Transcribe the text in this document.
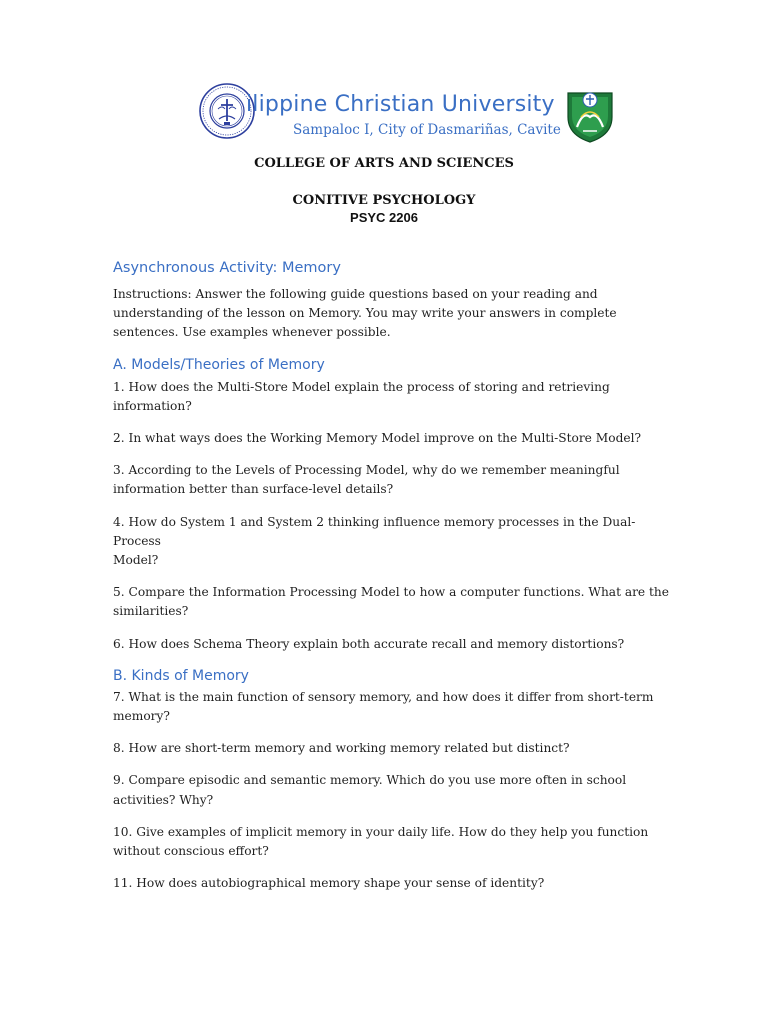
ilippine Christian University
Sampaloc I, City of Dasmariñas, Cavite
COLLEGE OF ARTS AND SCIENCES
CONITIVE PSYCHOLOGY
PSYC 2206
Asynchronous Activity: Memory

Instructions: Answer the following guide questions based on your reading and

understanding of the lesson on Memory. You may write your answers in complete

sentences. Use examples whenever possible.

A. Models/Theories of Memory

1. How does the Multi-Store Model explain the process of storing and retrieving

information?

2. In what ways does the Working Memory Model improve on the Multi-Store Model?

3. According to the Levels of Processing Model, why do we remember meaningful

information better than surface-level details?

4. How do System 1 and System 2 thinking influence memory processes in the Dual-Process

Model?

5. Compare the Information Processing Model to how a computer functions. What are the

similarities?

6. How does Schema Theory explain both accurate recall and memory distortions?

B. Kinds of Memory

7. What is the main function of sensory memory, and how does it differ from short-term

memory?

8. How are short-term memory and working memory related but distinct?

9. Compare episodic and semantic memory. Which do you use more often in school

activities? Why?

10. Give examples of implicit memory in your daily life. How do they help you function

without conscious effort?

11. How does autobiographical memory shape your sense of identity?
